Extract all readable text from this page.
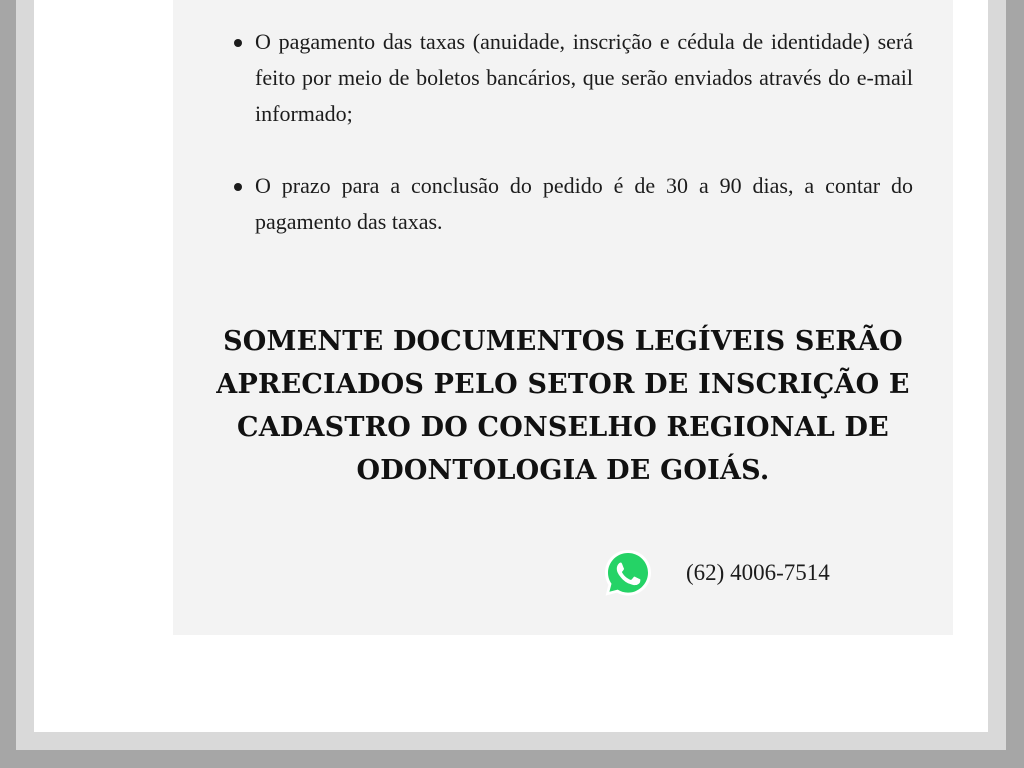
O pagamento das taxas (anuidade, inscrição e cédula de identidade) será feito por meio de boletos bancários, que serão enviados através do e-mail informado;
O prazo para a conclusão do pedido é de 30 a 90 dias, a contar do pagamento das taxas.

SOMENTE DOCUMENTOS LEGÍVEIS SERÃO APRECIADOS PELO SETOR DE INSCRIÇÃO E CADASTRO DO CONSELHO REGIONAL DE ODONTOLOGIA DE GOIÁS.

(62) 4006-7514
